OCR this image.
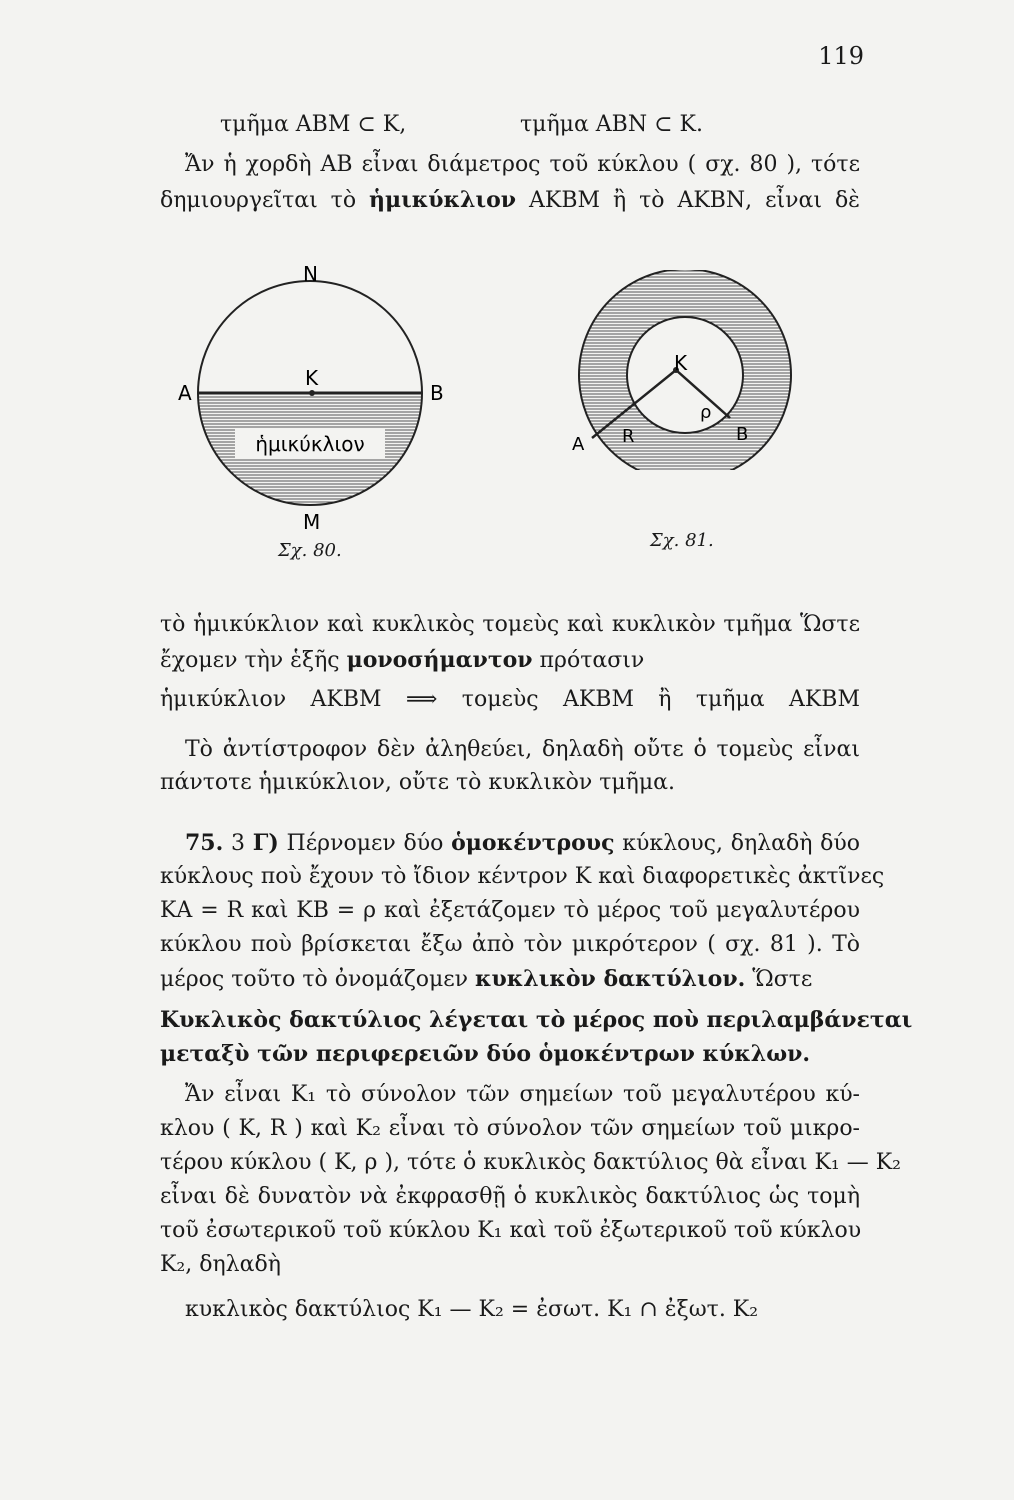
119
τμῆμα ΑΒΜ ⊂ Κ,	τμῆμα ΑΒΝ ⊂ Κ.
Ἄν ἡ χορδὴ ΑΒ εἶναι διάμετρος τοῦ κύκλου ( σχ. 80 ), τότε
δημιουργεῖται τὸ ἡμικύκλιον ΑΚΒΜ ἢ τὸ ΑΚΒΝ, εἶναι δὲ
N
A
K
B
ἡμικύκλιον
M
Σχ. 80.
K
ρ
A R	B
Σχ. 81.
τὸ ἡμικύκλιον καὶ κυκλικὸς τομεὺς καὶ κυκλικὸν τμῆμα Ὥστε
ἔχομεν τὴν ἑξῆς μονοσήμαντον πρότασιν
ἡμικύκλιον ΑΚΒΜ ⟹ τομεὺς ΑΚΒΜ ἢ τμῆμα ΑΚΒΜ
Τὸ ἀντίστροφον δὲν ἀληθεύει, δηλαδὴ οὔτε ὁ τομεὺς εἶναι
πάντοτε ἡμικύκλιον, οὔτε τὸ κυκλικὸν τμῆμα.
75. 3 Γ) Πέρνομεν δύο ὁμοκέντρους κύκλους, δηλαδὴ δύο
κύκλους ποὺ ἔχουν τὸ ἴδιον κέντρον Κ καὶ διαφορετικὲς ἀκτῖνες
ΚΑ = R καὶ ΚΒ = ρ καὶ ἐξετάζομεν τὸ μέρος τοῦ μεγαλυτέρου
κύκλου ποὺ βρίσκεται ἔξω ἀπὸ τὸν μικρότερον ( σχ. 81 ). Τὸ
μέρος τοῦτο τὸ ὀνομάζομεν κυκλικὸν δακτύλιον. Ὥστε
Κυκλικὸς δακτύλιος λέγεται τὸ μέρος ποὺ περιλαμβάνεται
μεταξὺ τῶν περιφερειῶν δύο ὁμοκέντρων κύκλων.
Ἄν εἶναι Κ₁ τὸ σύνολον τῶν σημείων τοῦ μεγαλυτέρου κύ-
κλου ( Κ, R ) καὶ Κ₂ εἶναι τὸ σύνολον τῶν σημείων τοῦ μικρο-
τέρου κύκλου ( Κ, ρ ), τότε ὁ κυκλικὸς δακτύλιος θὰ εἶναι Κ₁ — Κ₂
εἶναι δὲ δυνατὸν νὰ ἐκφρασθῇ ὁ κυκλικὸς δακτύλιος ὡς τομὴ
τοῦ ἐσωτερικοῦ τοῦ κύκλου Κ₁ καὶ τοῦ ἐξωτερικοῦ τοῦ κύκλου
Κ₂, δηλαδὴ
κυκλικὸς δακτύλιος Κ₁ — Κ₂ = ἐσωτ. Κ₁ ∩ ἐξωτ. Κ₂
